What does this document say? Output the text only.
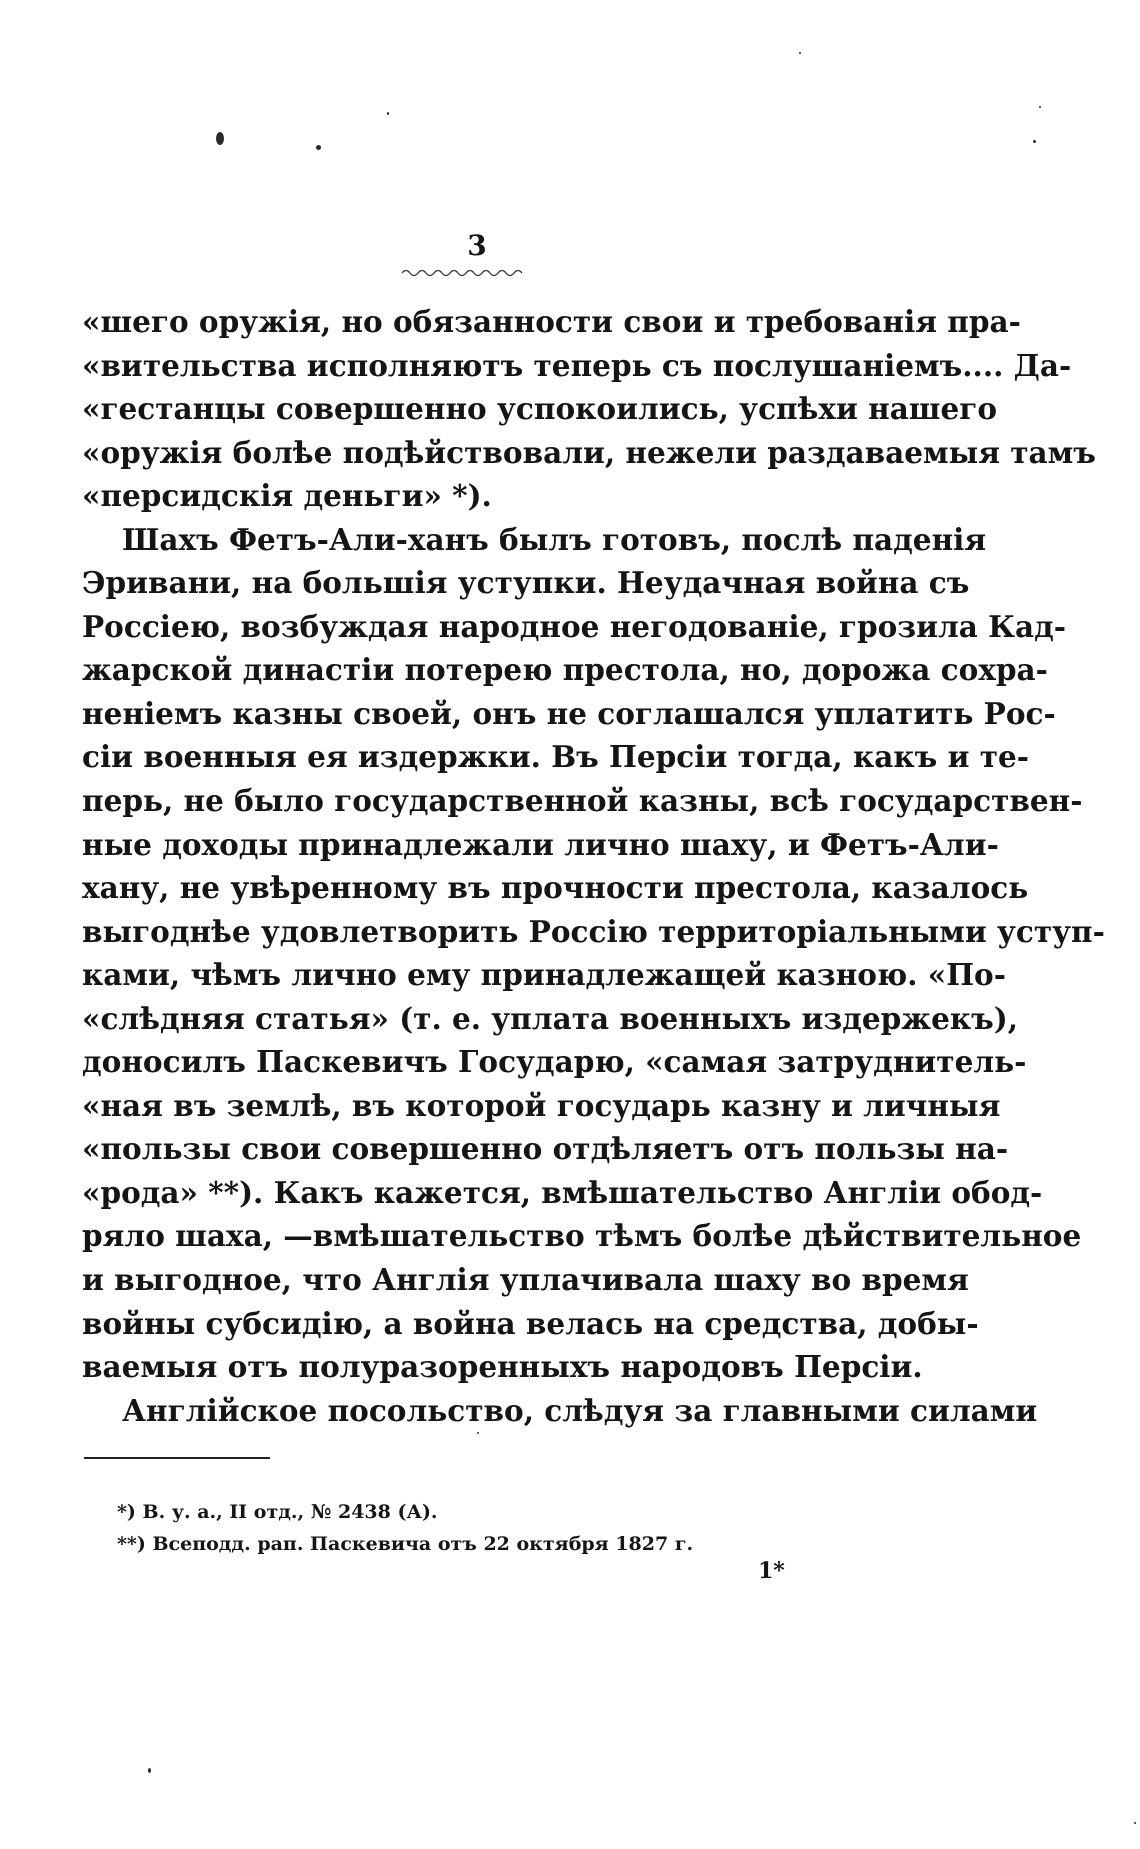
3
«шего оружія, но обязанности свои и требованія пра-
«вительства исполняютъ теперь съ послушаніемъ.... Да-
«гестанцы совершенно успокоились, успѣхи нашего
«оружія болѣе подѣйствовали, нежели раздаваемыя тамъ
«персидскія деньги» *).
Шахъ Фетъ-Али-ханъ былъ готовъ, послѣ паденія
Эривани, на большія уступки. Неудачная война съ
Россіею, возбуждая народное негодованіе, грозила Кад-
жарской династіи потерею престола, но, дорожа сохра-
неніемъ казны своей, онъ не соглашался уплатить Рос-
сіи военныя ея издержки. Въ Персіи тогда, какъ и те-
перь, не было государственной казны, всѣ государствен-
ные доходы принадлежали лично шаху, и Фетъ-Али-
хану, не увѣренному въ прочности престола, казалось
выгоднѣе удовлетворить Россію территоріальными уступ-
ками, чѣмъ лично ему принадлежащей казною. «По-
«слѣдняя статья» (т. е. уплата военныхъ издержекъ),
доносилъ Паскевичъ Государю, «самая затруднитель-
«ная въ землѣ, въ которой государь казну и личныя
«пользы свои совершенно отдѣляетъ отъ пользы на-
«рода» **). Какъ кажется, вмѣшательство Англіи обод-
ряло шаха, —вмѣшательство тѣмъ болѣе дѣйствительное
и выгодное, что Англія уплачивала шаху во время
войны субсидію, а война велась на средства, добы-
ваемыя отъ полуразоренныхъ народовъ Персіи.
Англійское посольство, слѣдуя за главными силами
*) В. у. а., II отд., № 2438 (А).
**) Всеподд. рап. Паскевича отъ 22 октября 1827 г.
1*
